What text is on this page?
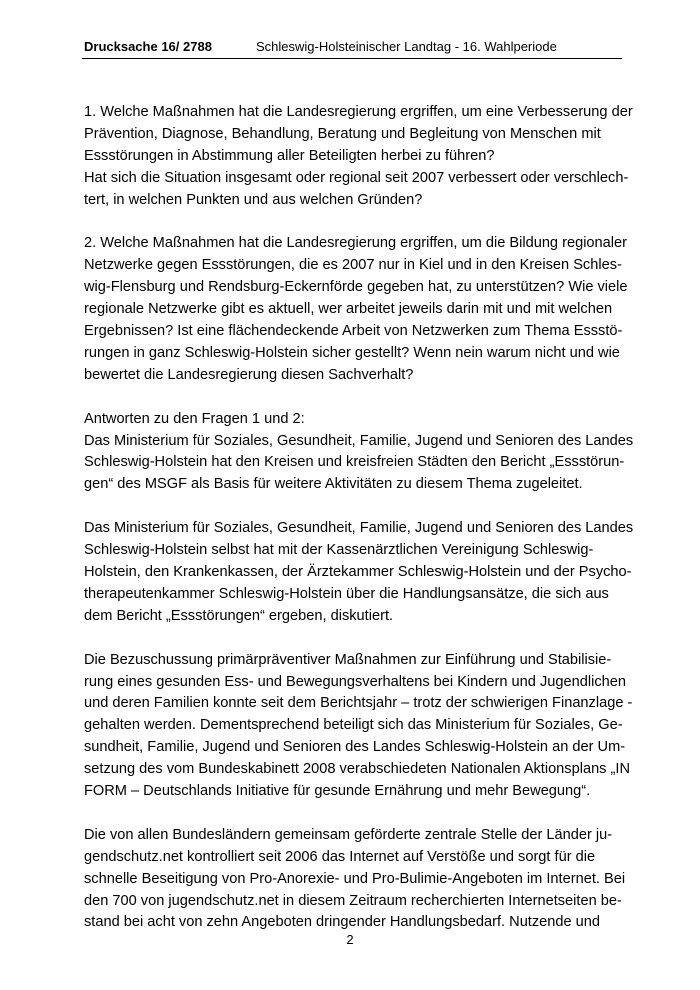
Drucksache 16/ 2788	Schleswig-Holsteinischer Landtag - 16. Wahlperiode

1. Welche Maßnahmen hat die Landesregierung ergriffen, um eine Verbesserung der
Prävention, Diagnose, Behandlung, Beratung und Begleitung von Menschen mit
Essstörungen in Abstimmung aller Beteiligten herbei zu führen?
Hat sich die Situation insgesamt oder regional seit 2007 verbessert oder verschlech-
tert, in welchen Punkten und aus welchen Gründen?

2. Welche Maßnahmen hat die Landesregierung ergriffen, um die Bildung regionaler
Netzwerke gegen Essstörungen, die es 2007 nur in Kiel und in den Kreisen Schles-
wig-Flensburg und Rendsburg-Eckernförde gegeben hat, zu unterstützen? Wie viele
regionale Netzwerke gibt es aktuell, wer arbeitet jeweils darin mit und mit welchen
Ergebnissen? Ist eine flächendeckende Arbeit von Netzwerken zum Thema Essstö-
rungen in ganz Schleswig-Holstein sicher gestellt? Wenn nein warum nicht und wie
bewertet die Landesregierung diesen Sachverhalt?

Antworten zu den Fragen 1 und 2:
Das Ministerium für Soziales, Gesundheit, Familie, Jugend und Senioren des Landes
Schleswig-Holstein hat den Kreisen und kreisfreien Städten den Bericht „Essstörun-
gen“ des MSGF als Basis für weitere Aktivitäten zu diesem Thema zugeleitet.

Das Ministerium für Soziales, Gesundheit, Familie, Jugend und Senioren des Landes
Schleswig-Holstein selbst hat mit der Kassenärztlichen Vereinigung Schleswig-
Holstein, den Krankenkassen, der Ärztekammer Schleswig-Holstein und der Psycho-
therapeutenkammer Schleswig-Holstein über die Handlungsansätze, die sich aus
dem Bericht „Essstörungen“ ergeben, diskutiert.

Die Bezuschussung primärpräventiver Maßnahmen zur Einführung und Stabilisie-
rung eines gesunden Ess- und Bewegungsverhaltens bei Kindern und Jugendlichen
und deren Familien konnte seit dem Berichtsjahr – trotz der schwierigen Finanzlage -
gehalten werden. Dementsprechend beteiligt sich das Ministerium für Soziales, Ge-
sundheit, Familie, Jugend und Senioren des Landes Schleswig-Holstein an der Um-
setzung des vom Bundeskabinett 2008 verabschiedeten Nationalen Aktionsplans „IN
FORM – Deutschlands Initiative für gesunde Ernährung und mehr Bewegung“.

Die von allen Bundesländern gemeinsam geförderte zentrale Stelle der Länder ju-
gendschutz.net kontrolliert seit 2006 das Internet auf Verstöße und sorgt für die
schnelle Beseitigung von Pro-Anorexie- und Pro-Bulimie-Angeboten im Internet. Bei
den 700 von jugendschutz.net in diesem Zeitraum recherchierten Internetseiten be-
stand bei acht von zehn Angeboten dringender Handlungsbedarf. Nutzende und

2
